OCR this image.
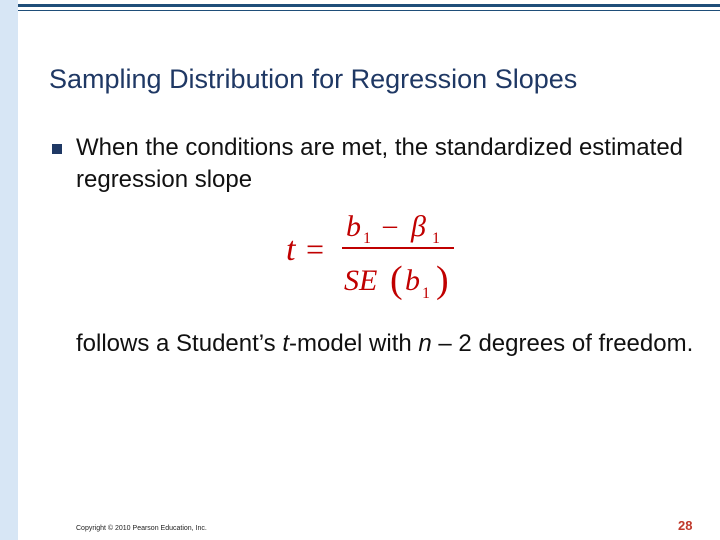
Sampling Distribution for Regression Slopes
When the conditions are met, the standardized estimated regression slope
t =
b 1 – β 1
SE ( b 1 )
follows a Student’s t-model with n – 2 degrees of freedom.
Copyright © 2010 Pearson Education, Inc.	28
